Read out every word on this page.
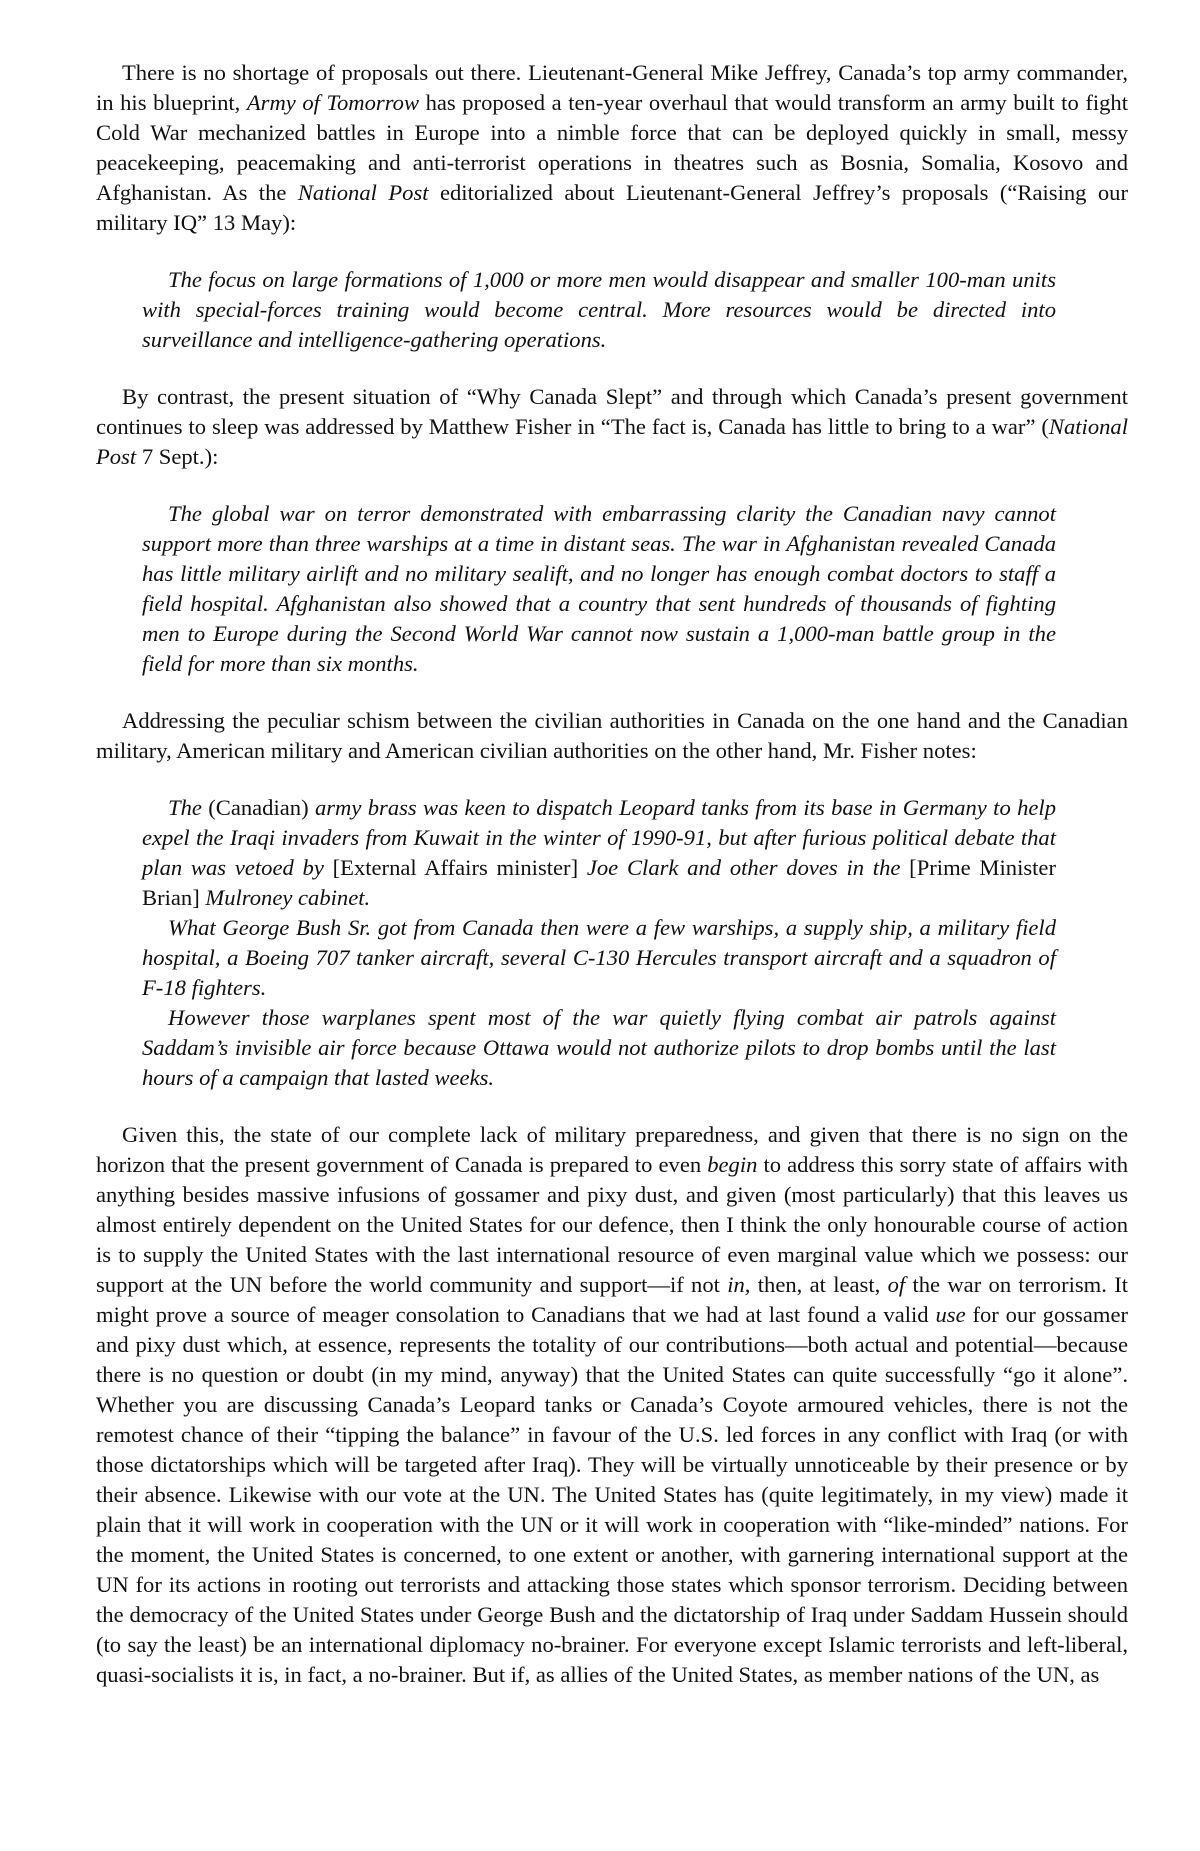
There is no shortage of proposals out there. Lieutenant-General Mike Jeffrey, Canada’s top army commander, in his blueprint, Army of Tomorrow has proposed a ten-year overhaul that would transform an army built to fight Cold War mechanized battles in Europe into a nimble force that can be deployed quickly in small, messy peacekeeping, peacemaking and anti-terrorist operations in theatres such as Bosnia, Somalia, Kosovo and Afghanistan. As the National Post editorialized about Lieutenant-General Jeffrey’s proposals (“Raising our military IQ” 13 May):

The focus on large formations of 1,000 or more men would disappear and smaller 100-man units with special-forces training would become central. More resources would be directed into surveillance and intelligence-gathering operations.

By contrast, the present situation of “Why Canada Slept” and through which Canada’s present government continues to sleep was addressed by Matthew Fisher in “The fact is, Canada has little to bring to a war” (National Post 7 Sept.):

The global war on terror demonstrated with embarrassing clarity the Canadian navy cannot support more than three warships at a time in distant seas. The war in Afghanistan revealed Canada has little military airlift and no military sealift, and no longer has enough combat doctors to staff a field hospital. Afghanistan also showed that a country that sent hundreds of thousands of fighting men to Europe during the Second World War cannot now sustain a 1,000-man battle group in the field for more than six months.

Addressing the peculiar schism between the civilian authorities in Canada on the one hand and the Canadian military, American military and American civilian authorities on the other hand, Mr. Fisher notes:

The (Canadian) army brass was keen to dispatch Leopard tanks from its base in Germany to help expel the Iraqi invaders from Kuwait in the winter of 1990-91, but after furious political debate that plan was vetoed by [External Affairs minister] Joe Clark and other doves in the [Prime Minister Brian] Mulroney cabinet.

What George Bush Sr. got from Canada then were a few warships, a supply ship, a military field hospital, a Boeing 707 tanker aircraft, several C-130 Hercules transport aircraft and a squadron of F-18 fighters.

However those warplanes spent most of the war quietly flying combat air patrols against Saddam’s invisible air force because Ottawa would not authorize pilots to drop bombs until the last hours of a campaign that lasted weeks.

Given this, the state of our complete lack of military preparedness, and given that there is no sign on the horizon that the present government of Canada is prepared to even begin to address this sorry state of affairs with anything besides massive infusions of gossamer and pixy dust, and given (most particularly) that this leaves us almost entirely dependent on the United States for our defence, then I think the only honourable course of action is to supply the United States with the last international resource of even marginal value which we possess: our support at the UN before the world community and support—if not in, then, at least, of the war on terrorism. It might prove a source of meager consolation to Canadians that we had at last found a valid use for our gossamer and pixy dust which, at essence, represents the totality of our contributions—both actual and potential—because there is no question or doubt (in my mind, anyway) that the United States can quite successfully “go it alone”. Whether you are discussing Canada’s Leopard tanks or Canada’s Coyote armoured vehicles, there is not the remotest chance of their “tipping the balance” in favour of the U.S. led forces in any conflict with Iraq (or with those dictatorships which will be targeted after Iraq). They will be virtually unnoticeable by their presence or by their absence. Likewise with our vote at the UN. The United States has (quite legitimately, in my view) made it plain that it will work in cooperation with the UN or it will work in cooperation with “like-minded” nations. For the moment, the United States is concerned, to one extent or another, with garnering international support at the UN for its actions in rooting out terrorists and attacking those states which sponsor terrorism. Deciding between the democracy of the United States under George Bush and the dictatorship of Iraq under Saddam Hussein should (to say the least) be an international diplomacy no-brainer. For everyone except Islamic terrorists and left-liberal, quasi-socialists it is, in fact, a no-brainer. But if, as allies of the United States, as member nations of the UN, as
